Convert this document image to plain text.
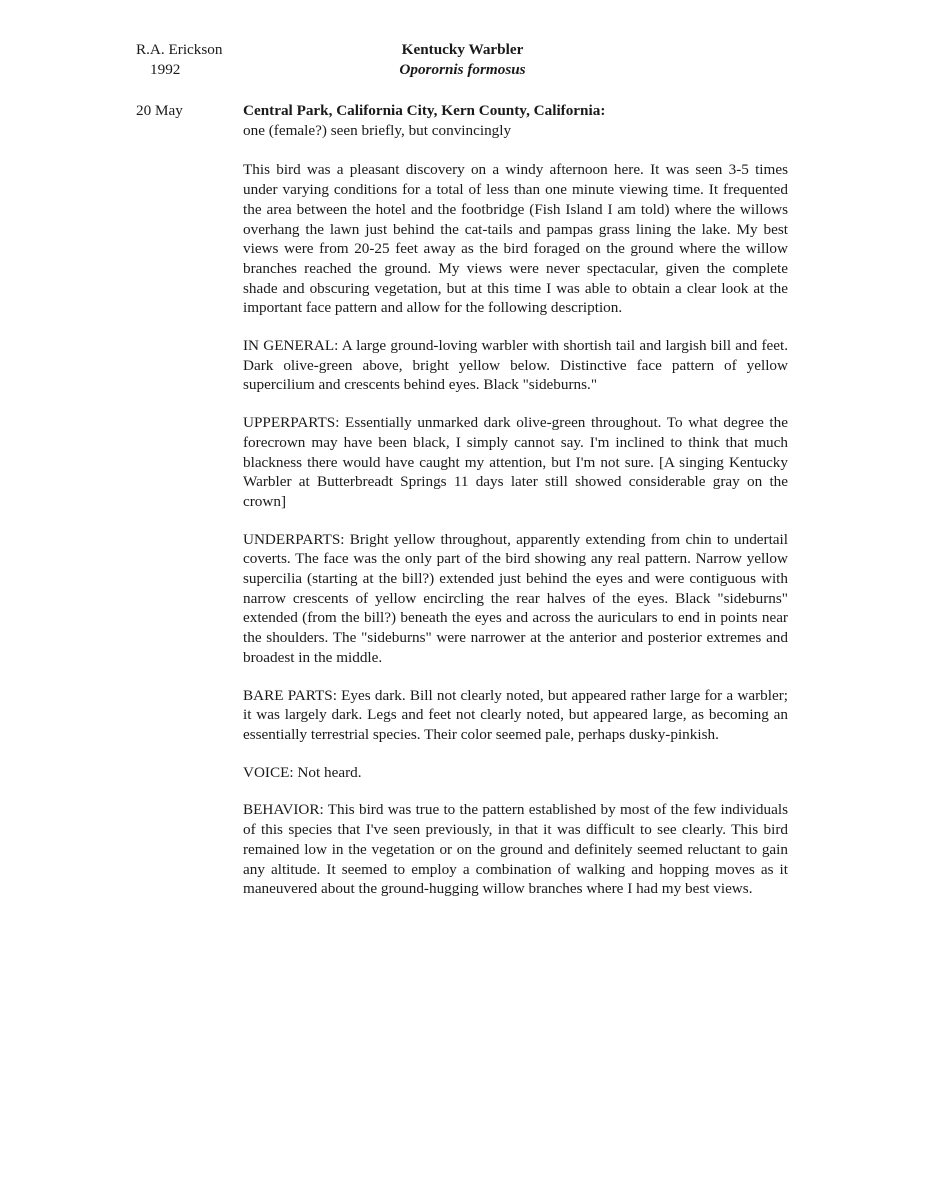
R.A. Erickson
1992
Kentucky Warbler
Oporornis formosus
20 May	Central Park, California City, Kern County, California:
one (female?) seen briefly, but convincingly

This bird was a pleasant discovery on a windy afternoon here. It was seen 3-5 times under varying conditions for a total of less than one minute viewing time. It frequented the area between the hotel and the footbridge (Fish Island I am told) where the willows overhang the lawn just behind the cat-tails and pampas grass lining the lake. My best views were from 20-25 feet away as the bird foraged on the ground where the willow branches reached the ground. My views were never spectacular, given the complete shade and obscuring vegetation, but at this time I was able to obtain a clear look at the important face pattern and allow for the following description.

IN GENERAL: A large ground-loving warbler with shortish tail and largish bill and feet. Dark olive-green above, bright yellow below. Distinctive face pattern of yellow supercilium and crescents behind eyes. Black "sideburns."

UPPERPARTS: Essentially unmarked dark olive-green throughout. To what degree the forecrown may have been black, I simply cannot say. I'm inclined to think that much blackness there would have caught my attention, but I'm not sure. [A singing Kentucky Warbler at Butterbreadt Springs 11 days later still showed considerable gray on the crown]

UNDERPARTS: Bright yellow throughout, apparently extending from chin to undertail coverts. The face was the only part of the bird showing any real pattern. Narrow yellow supercilia (starting at the bill?) extended just behind the eyes and were contiguous with narrow crescents of yellow encircling the rear halves of the eyes. Black "sideburns" extended (from the bill?) beneath the eyes and across the auriculars to end in points near the shoulders. The "sideburns" were narrower at the anterior and posterior extremes and broadest in the middle.

BARE PARTS: Eyes dark. Bill not clearly noted, but appeared rather large for a warbler; it was largely dark. Legs and feet not clearly noted, but appeared large, as becoming an essentially terrestrial species. Their color seemed pale, perhaps dusky-pinkish.

VOICE: Not heard.

BEHAVIOR: This bird was true to the pattern established by most of the few individuals of this species that I've seen previously, in that it was difficult to see clearly. This bird remained low in the vegetation or on the ground and definitely seemed reluctant to gain any altitude. It seemed to employ a combination of walking and hopping moves as it maneuvered about the ground-hugging willow branches where I had my best views.
